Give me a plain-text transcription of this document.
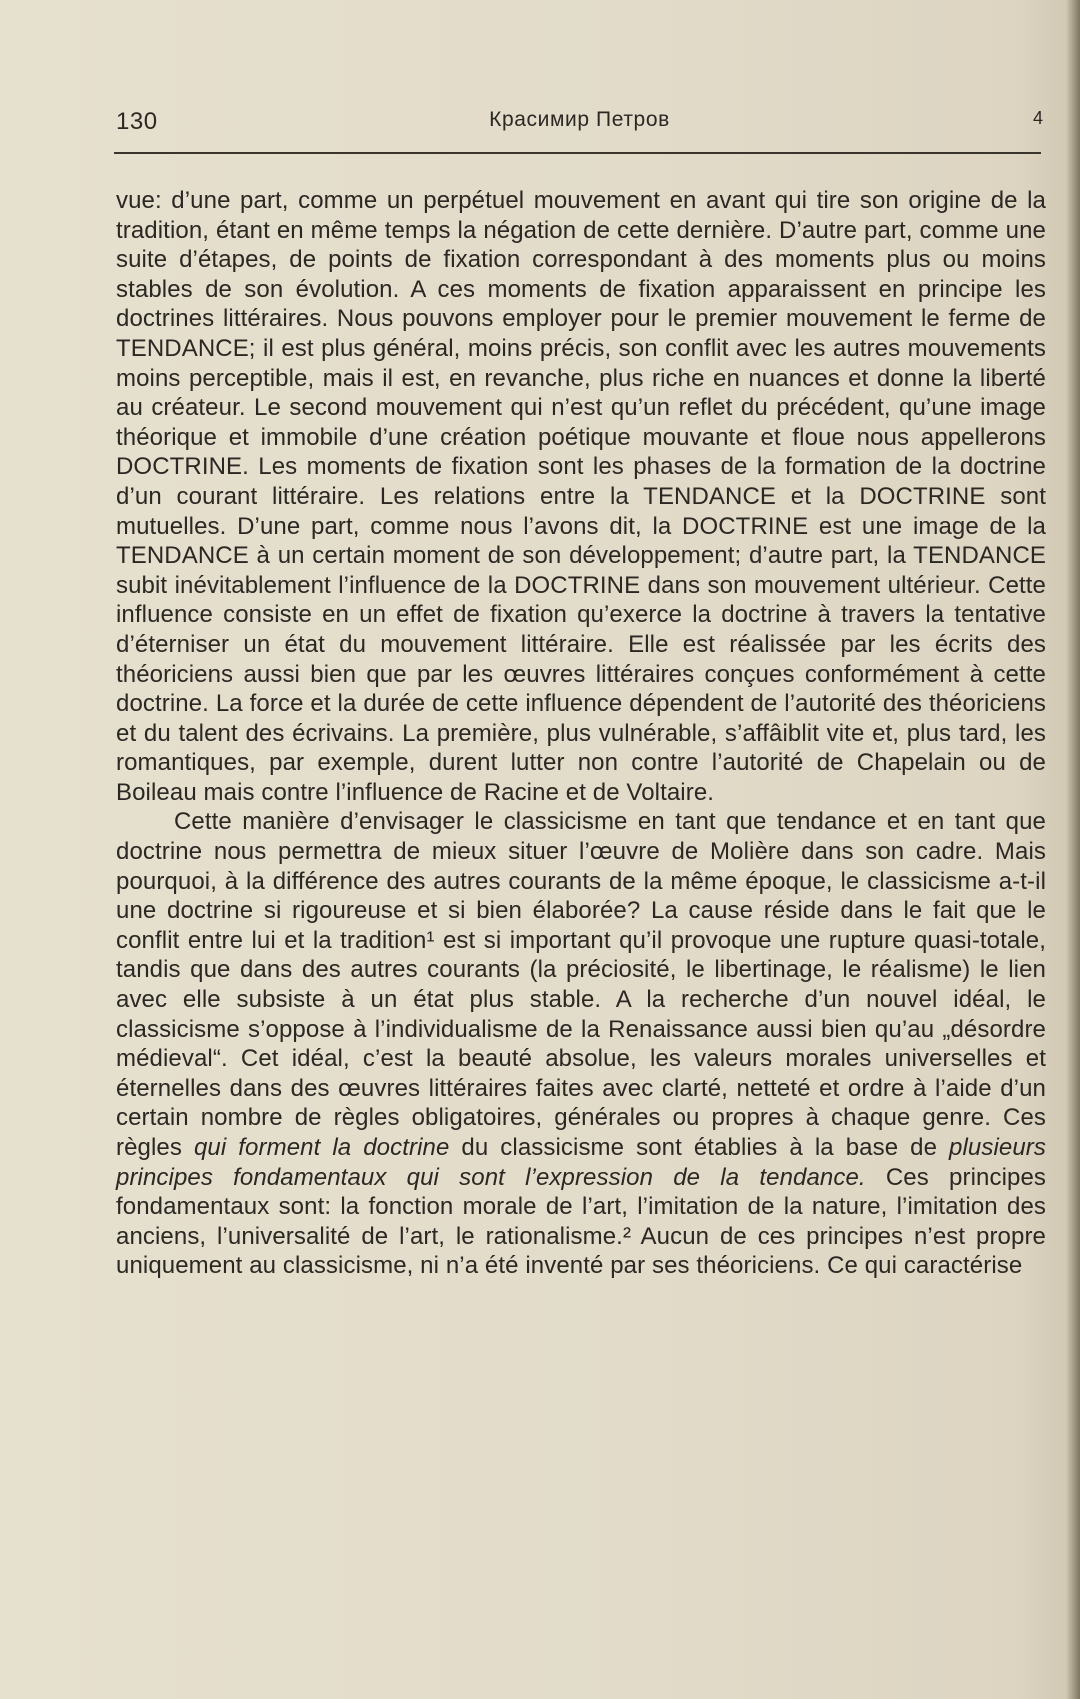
130	Красимир Петров	4

vue: d’une part, comme un perpétuel mouvement en avant qui tire son origine de la tradition, étant en même temps la négation de cette dernière. D’autre part, comme une suite d’étapes, de points de fixation correspondant à des moments plus ou moins stables de son évolution. A ces moments de fixation apparaissent en principe les doctrines littéraires. Nous pouvons employer pour le premier mouvement le ferme de TENDANCE; il est plus général, moins précis, son conflit avec les autres mouvements moins perceptible, mais il est, en revanche, plus riche en nuances et donne la liberté au créateur. Le second mouvement qui n’est qu’un reflet du précédent, qu’une image théorique et immobile d’une création poétique mouvante et floue nous appellerons DOCTRINE. Les moments de fixation sont les phases de la formation de la doctrine d’un courant littéraire. Les relations entre la TENDANCE et la DOCTRINE sont mutuelles. D’une part, comme nous l’avons dit, la DOCTRINE est une image de la TENDANCE à un certain moment de son développement; d’autre part, la TENDANCE subit inévitablement l’influence de la DOCTRINE dans son mouvement ultérieur. Cette influence consiste en un effet de fixation qu’exerce la doctrine à travers la tentative d’éterniser un état du mouvement littéraire. Elle est réalissée par les écrits des théoriciens aussi bien que par les œuvres littéraires conçues conformément à cette doctrine. La force et la durée de cette influence dépendent de l’autorité des théoriciens et du talent des écrivains. La première, plus vulnérable, s’affâiblit vite et, plus tard, les romantiques, par exemple, durent lutter non contre l’autorité de Chapelain ou de Boileau mais contre l’influence de Racine et de Voltaire.

Cette manière d’envisager le classicisme en tant que tendance et en tant que doctrine nous permettra de mieux situer l’œuvre de Molière dans son cadre. Mais pourquoi, à la différence des autres courants de la même époque, le classicisme a-t-il une doctrine si rigoureuse et si bien élaborée? La cause réside dans le fait que le conflit entre lui et la tradition¹ est si important qu’il provoque une rupture quasi-totale, tandis que dans des autres courants (la préciosité, le libertinage, le réalisme) le lien avec elle subsiste à un état plus stable. A la recherche d’un nouvel idéal, le classicisme s’oppose à l’individualisme de la Renaissance aussi bien qu’au „désordre médieval“. Cet idéal, c’est la beauté absolue, les valeurs morales universelles et éternelles dans des œuvres littéraires faites avec clarté, netteté et ordre à l’aide d’un certain nombre de règles obligatoires, générales ou propres à chaque genre. Ces règles qui forment la doctrine du classicisme sont établies à la base de plusieurs principes fondamentaux qui sont l’expression de la tendance. Ces principes fondamentaux sont: la fonction morale de l’art, l’imitation de la nature, l’imitation des anciens, l’universalité de l’art, le rationalisme.² Aucun de ces principes n’est propre uniquement au classicisme, ni n’a été inventé par ses théoriciens. Ce qui caractérise
